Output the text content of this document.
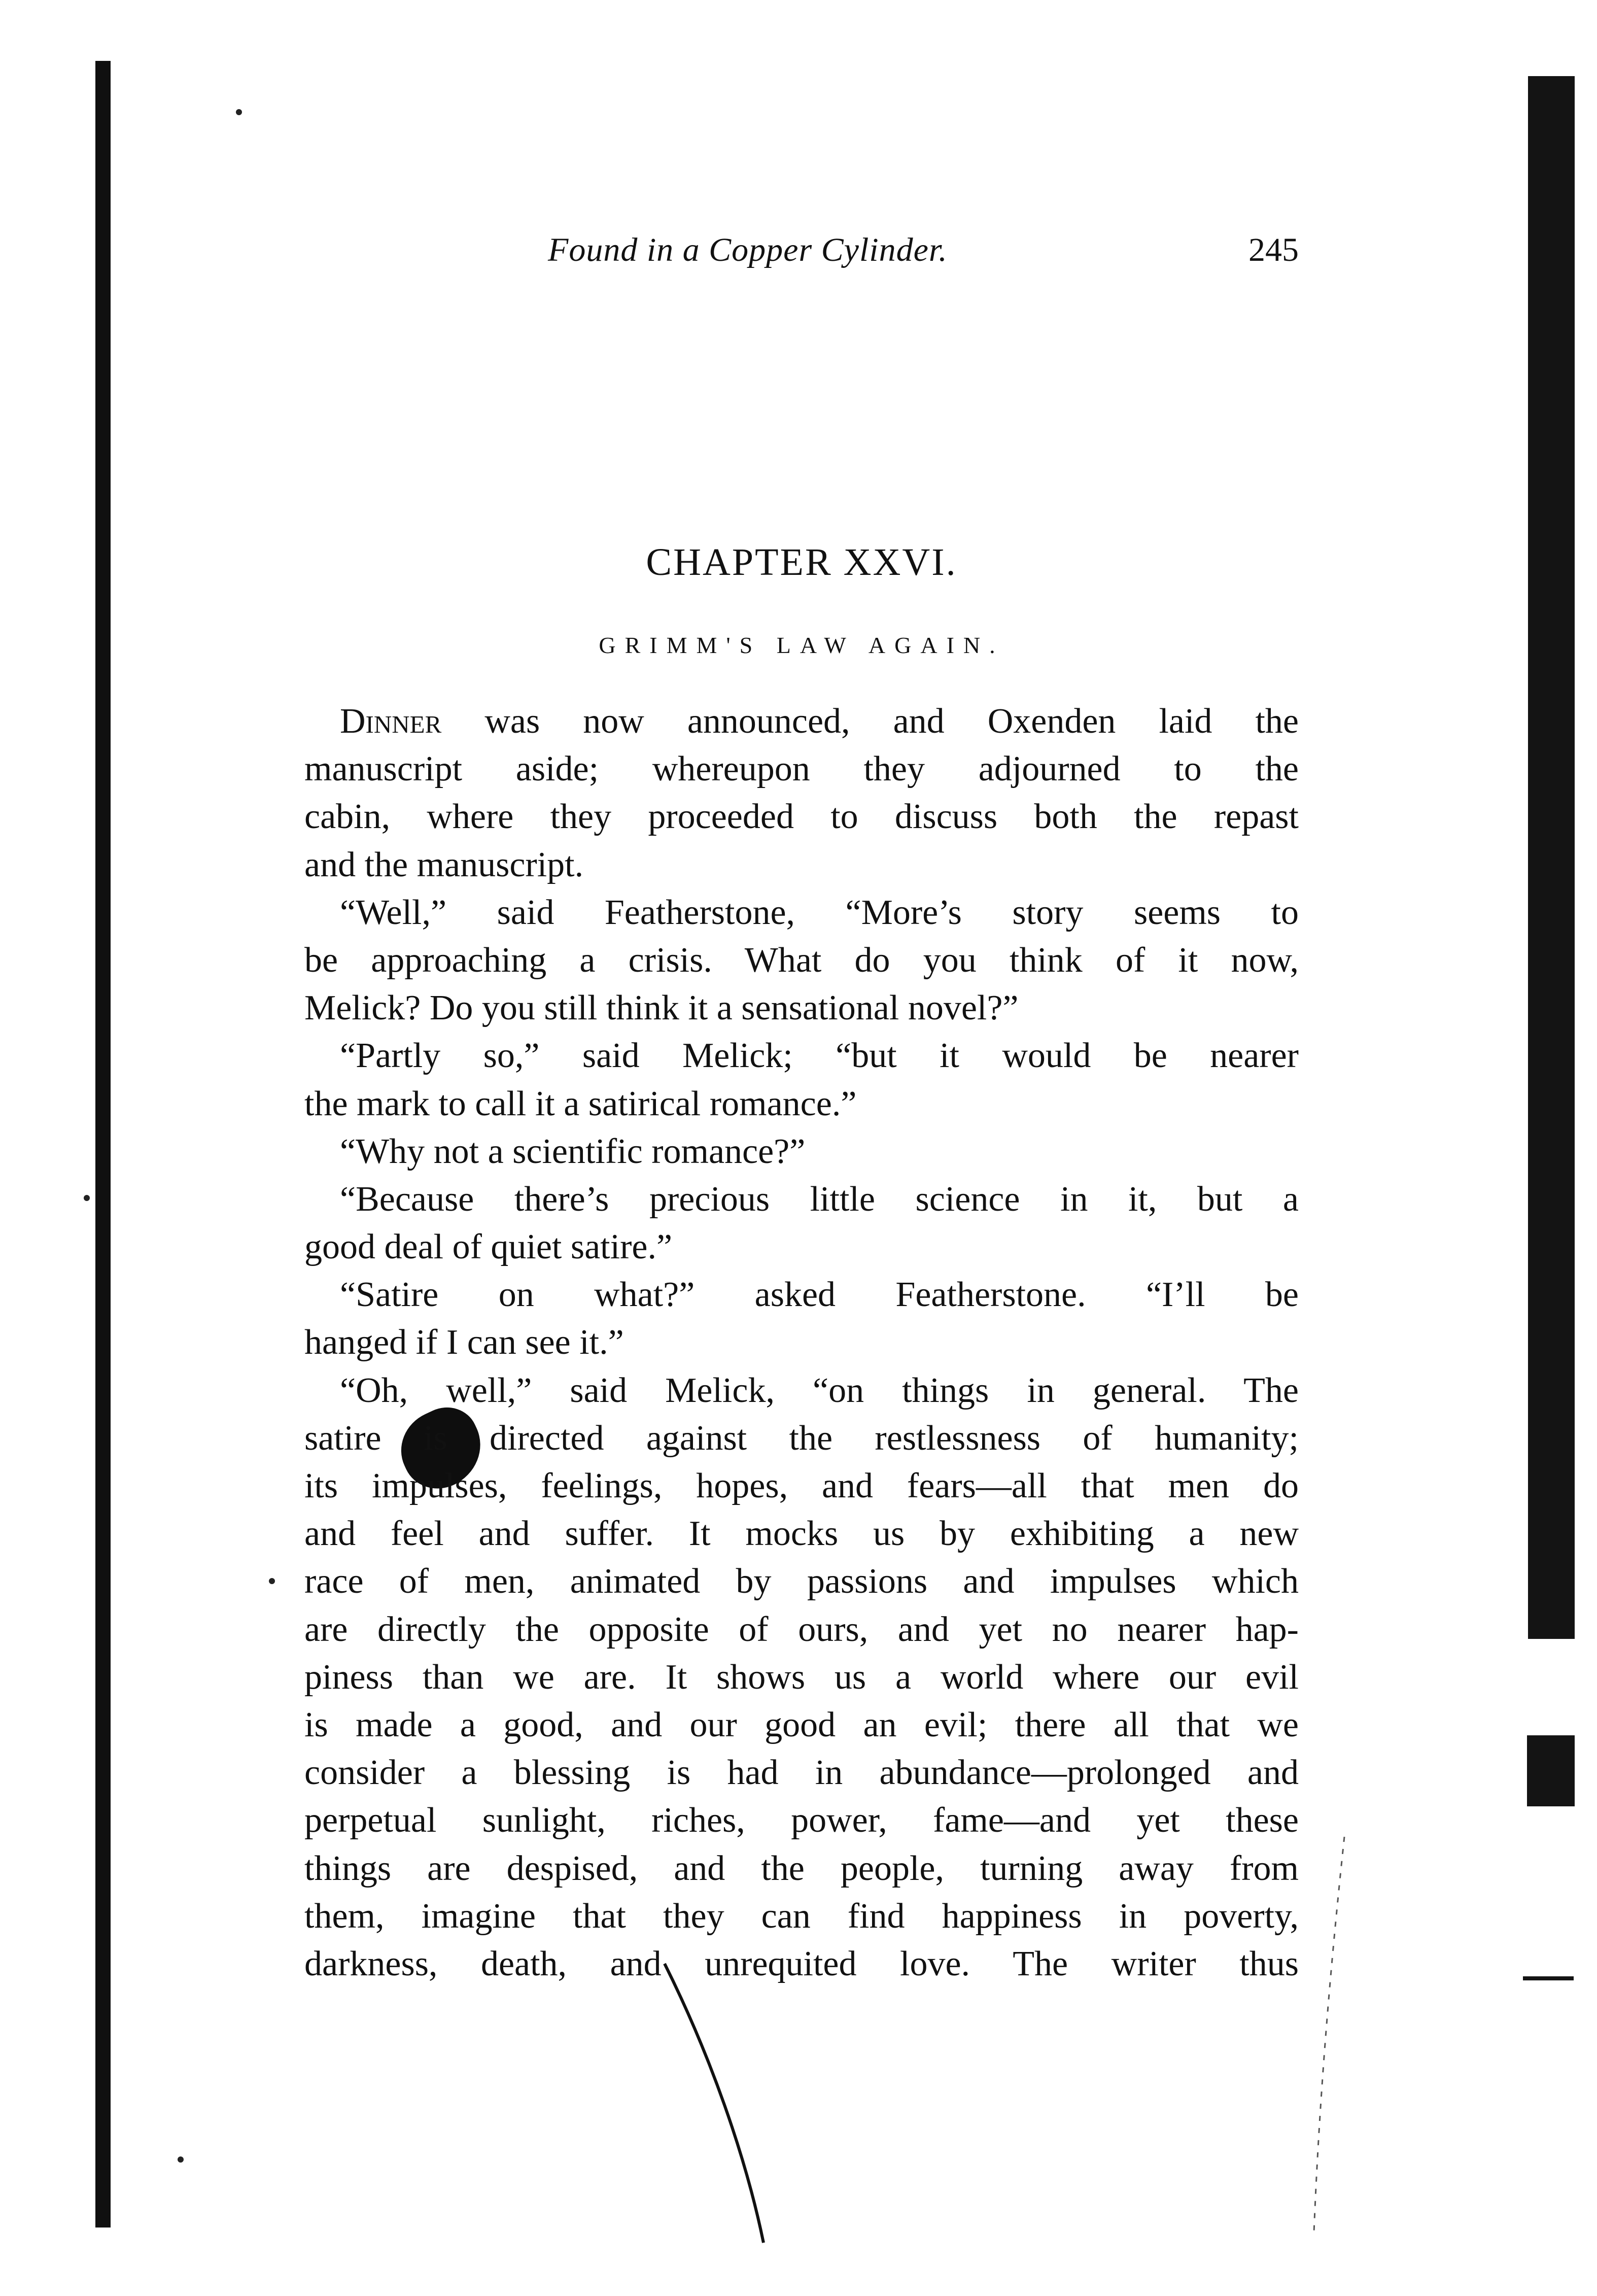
Found in a Copper Cylinder.	245
CHAPTER XXVI.
GRIMM'S LAW AGAIN.
Dinner was now announced, and Oxenden laid the
manuscript aside; whereupon they adjourned to the
cabin, where they proceeded to discuss both the repast
and the manuscript.
“Well,” said Featherstone, “More’s story seems to
be approaching a crisis. What do you think of it now,
Melick? Do you still think it a sensational novel?”
“Partly so,” said Melick; “but it would be nearer
the mark to call it a satirical romance.”
“Why not a scientific romance?”
“Because there’s precious little science in it, but a
good deal of quiet satire.”
“Satire on what?” asked Featherstone. “I’ll be
hanged if I can see it.”
“Oh, well,” said Melick, “on things in general. The
satire is directed against the restlessness of humanity;
its impulses, feelings, hopes, and fears—all that men do
and feel and suffer. It mocks us by exhibiting a new
race of men, animated by passions and impulses which
are directly the opposite of ours, and yet no nearer hap-
piness than we are. It shows us a world where our evil
is made a good, and our good an evil; there all that we
consider a blessing is had in abundance—prolonged and
perpetual sunlight, riches, power, fame—and yet these
things are despised, and the people, turning away from
them, imagine that they can find happiness in poverty,
darkness, death, and unrequited love. The writer thus
